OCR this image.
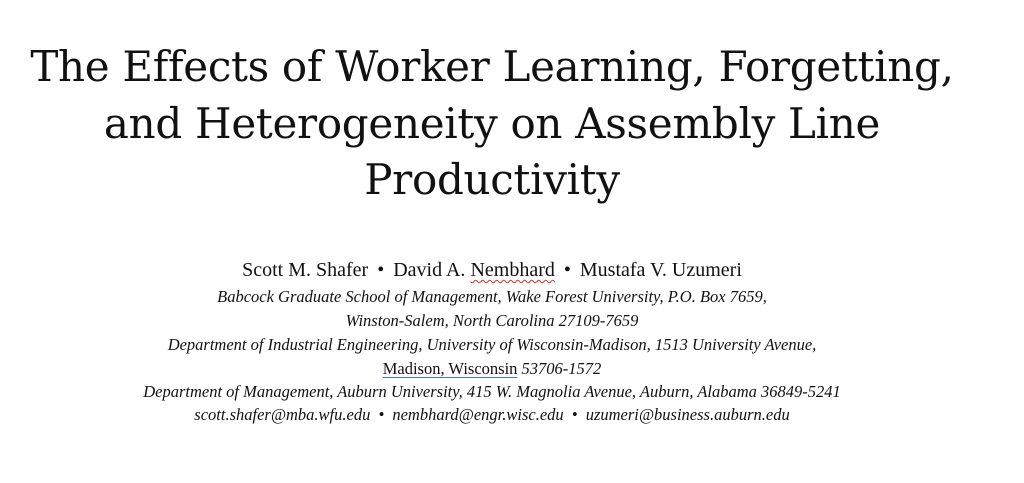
The Effects of Worker Learning, Forgetting,
and Heterogeneity on Assembly Line
Productivity
Scott M. Shafer • David A. Nembhard • Mustafa V. Uzumeri
Babcock Graduate School of Management, Wake Forest University, P.O. Box 7659,
Winston-Salem, North Carolina 27109-7659
Department of Industrial Engineering, University of Wisconsin-Madison, 1513 University Avenue,
Madison, Wisconsin 53706-1572
Department of Management, Auburn University, 415 W. Magnolia Avenue, Auburn, Alabama 36849-5241
scott.shafer@mba.wfu.edu • nembhard@engr.wisc.edu • uzumeri@business.auburn.edu
